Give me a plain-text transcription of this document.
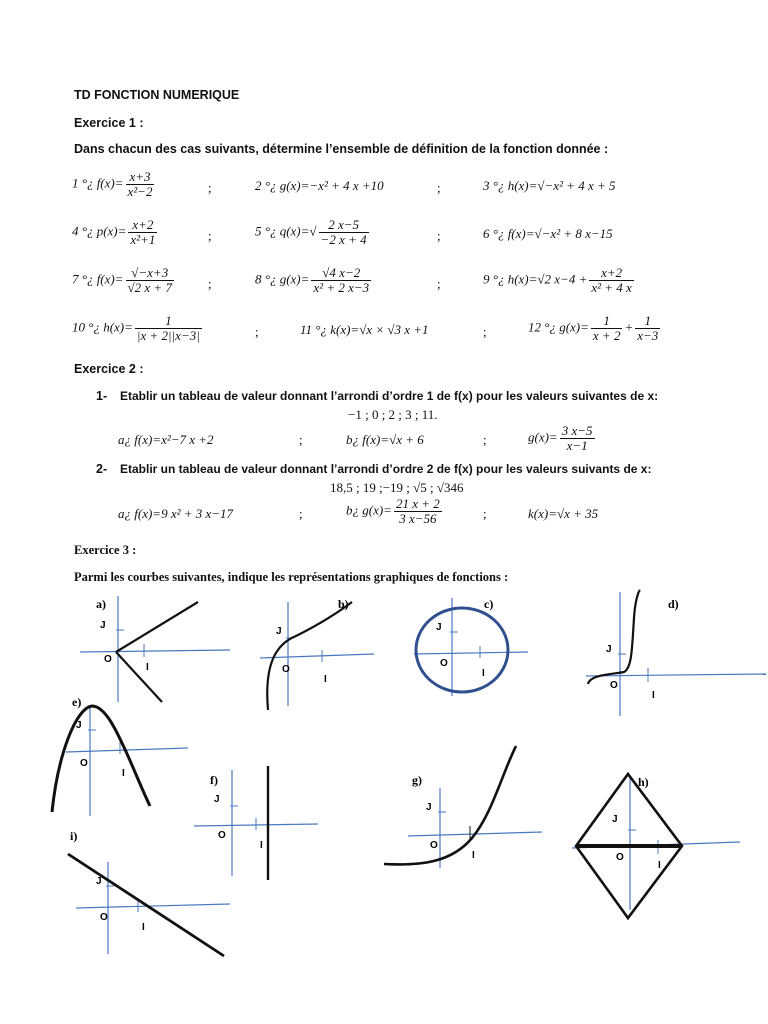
TD FONCTION NUMERIQUE
Exercice 1 :
Dans chacun des cas suivants, détermine l’ensemble de définition de la fonction donnée :
1 °¿ $f(x)= \frac{x+3}{\text{x²−2}}$	;	2 °¿ g(x)=−x² + 4 x +10	;	3 °¿ h(x)=√−x² + 4 x + 5
4 °¿ $p(x)= \frac{x+2}{\text{x²+1}}$	;	5 °¿ $q(x)=√ \frac{2 x-5}{-2 x + 4}$	;	6 °¿ f(x)=√−x² + 8 x−15
7 °¿ $f(x)= \frac{√-x+3}{√2 x + 7}$	;	8 °¿ $g(x)= \frac{√4 x-2}{\text{x² + 2 x−3}}$	;	9 °¿ h(x)=√2 $x-4 + \frac{x+2}{\text{x² + 4 x}}$
10 °¿ $h(x)= \frac{1}{|x + 2||x-3|}$	;	11 °¿ k(x)=√x × √3 x +1	;	12 °¿ $g(x)= \frac{1}{x + 2} + \frac{1}{x-3}$
Exercice 2 :
1- Etablir un tableau de valeur donnant l’arrondi d’ordre 1 de f(x) pour les valeurs suivantes de x:
−1 ; 0 ; 2 ; 3 ; 11.
a¿ f(x)=x²−7 x +2	;	b¿ f(x)=√x + 6	;	$g(x)= \frac{3 x-5}{x-1}$
2- Etablir un tableau de valeur donnant l’arrondi d’ordre 2 de f(x) pour les valeurs suivants de x:
18,5 ; 19 ;−19 ; √5 ; √346
a¿ f(x)=9 x² + 3 x−17	;	b¿ $g(x)= \frac{21 x + 2}{3 x-56}$	;	k(x)=√x + 35
Exercice 3 :
Parmi les courbes suivantes, indique les représentations graphiques de fonctions :
a)
J
O
I
b)
J
O
I
c)
J
O
I
d)
J
O
I
e)
J
O
I	f)
J
O
I
g)
J
O
I
h)
J
O
I
i)
J
O
I
